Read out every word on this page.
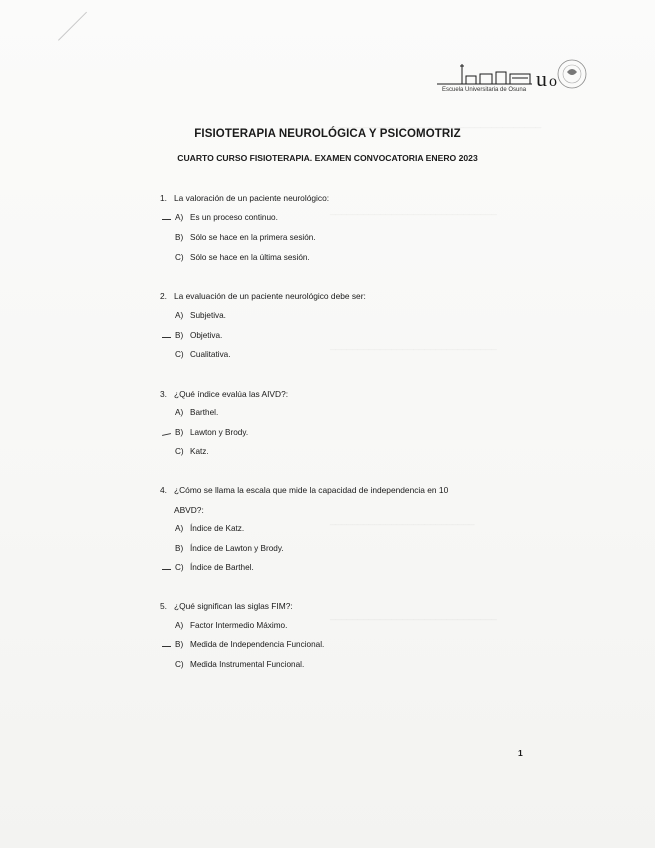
______________________________________
______________________________
______________________________
__________________________
______________________________
u o
Escuela Universitaria de Osuna
FISIOTERAPIA NEUROLÓGICA Y PSICOMOTRIZ
CUARTO CURSO FISIOTERAPIA. EXAMEN CONVOCATORIA ENERO 2023
1. La valoración de un paciente neurológico:
A) Es un proceso continuo.
B) Sólo se hace en la primera sesión.
C) Sólo se hace en la última sesión.
2. La evaluación de un paciente neurológico debe ser:
A) Subjetiva.
B) Objetiva.
C) Cualitativa.
3. ¿Qué índice evalúa las AIVD?:
A) Barthel.
B) Lawton y Brody.
C) Katz.
4. ¿Cómo se llama la escala que mide la capacidad de independencia en 10
ABVD?:
A) Índice de Katz.
B) Índice de Lawton y Brody.
C) Índice de Barthel.
5. ¿Qué significan las siglas FIM?:
A) Factor Intermedio Máximo.
B) Medida de Independencia Funcional.
C) Medida Instrumental Funcional.
1
